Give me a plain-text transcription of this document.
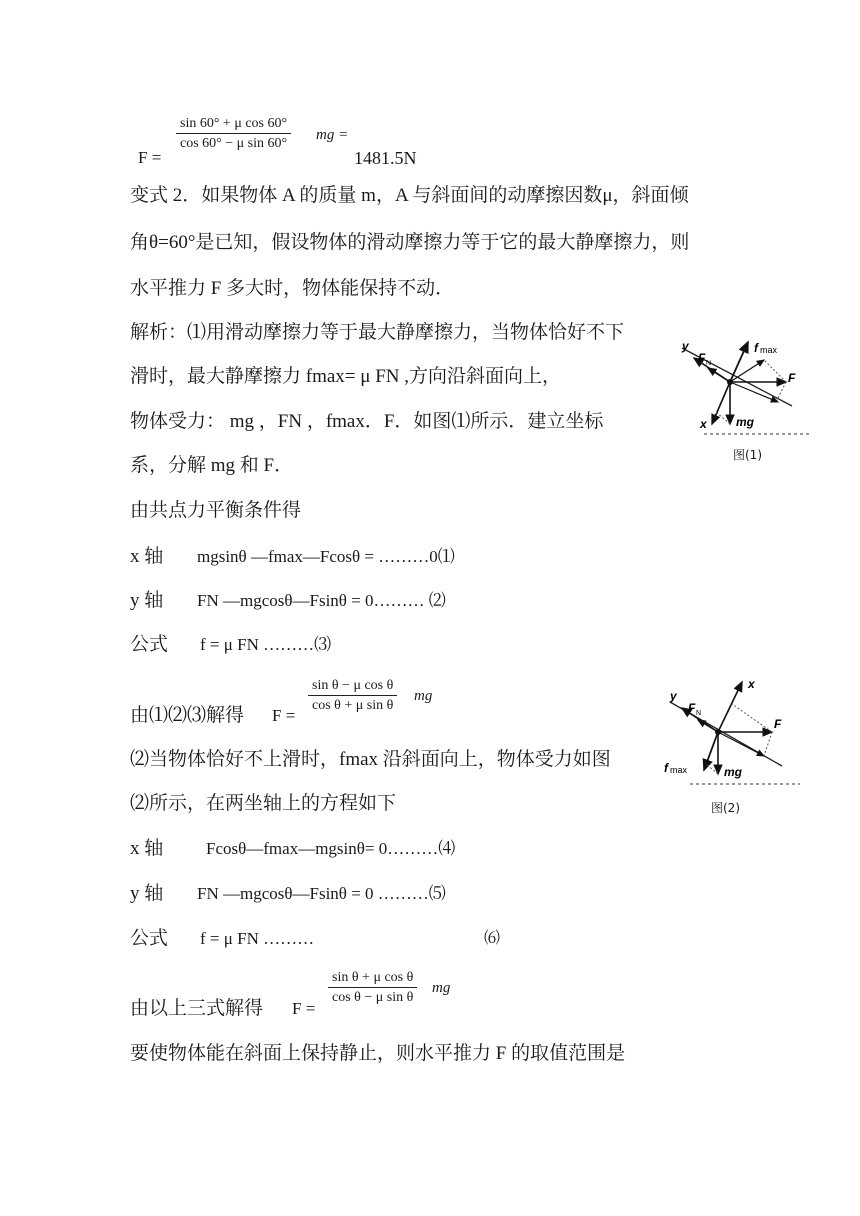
$\frac{\text{sin 60° + μ cos 60°}}{\text{cos 60° − μ sin 60°}}$
F =
mg =
1481.5N
变式 2．如果物体 A 的质量 m，A 与斜面间的动摩擦因数μ，斜面倾
角θ=60°是已知，假设物体的滑动摩擦力等于它的最大静摩擦力，则
水平推力 F 多大时，物体能保持不动．
解析：⑴用滑动摩擦力等于最大静摩擦力，当物体恰好不下
滑时，最大静摩擦力 fmax= μ FN ,方向沿斜面向上，
物体受力： mg ，FN ，fmax．F．如图⑴所示．建立坐标
系，分解 mg 和 F．
由共点力平衡条件得
x 轴 mgsinθ —fmax—Fcosθ = ………0⑴
y 轴 FN —mgcosθ—Fsinθ = 0……… ⑵
公式 f = μ FN ………⑶
$\frac{\text{sin θ − μ cos θ}}{\text{cos θ + μ sin θ}}$ mg
由⑴⑵⑶解得 F =
⑵当物体恰好不上滑时，fmax 沿斜面向上，物体受力如图
⑵所示，在两坐轴上的方程如下
x 轴	Fcosθ—fmax—mgsinθ= 0………⑷
y 轴 FN —mgcosθ—Fsinθ = 0 ………⑸
公式 f = μ FN ………	⑹
$\frac{\text{sin θ + μ cos θ}}{\text{cos θ − μ sin θ}}$ mg
由以上三式解得 F =
要使物体能在斜面上保持静止，则水平推力 F 的取值范围是
y
F N
f max
F
x mg
图(1)
y
F N
x
F
f max	mg
图(2)
